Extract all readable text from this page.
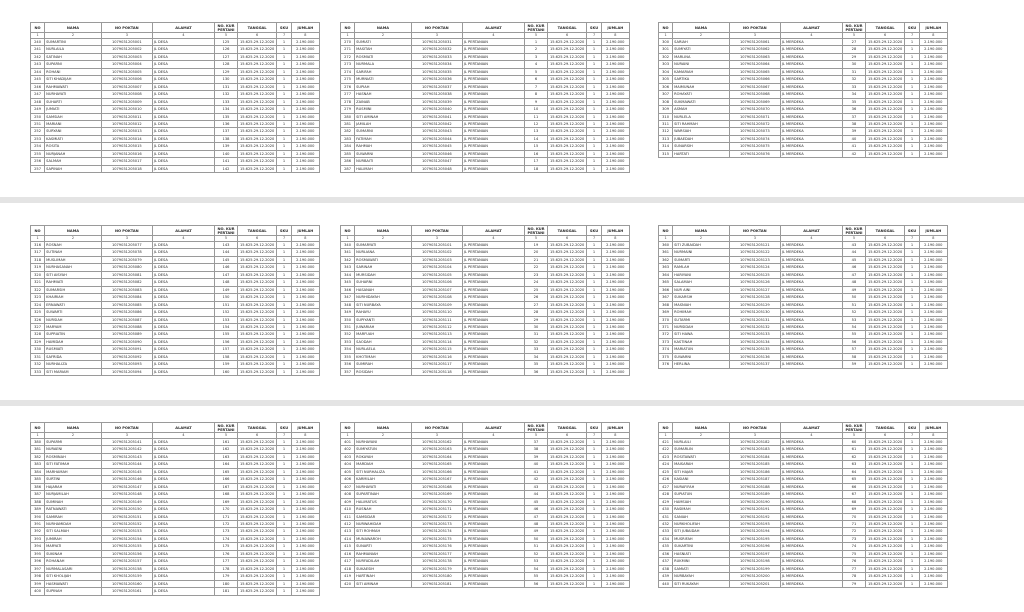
NO	NAMA	NO POKTAN	ALAMAT	NO. KUR PERTANI	TANGGAL	SKU	JUMLAH
1	2	3	4	5	6	7	8
240	SUMARTINI	1079031205001	JL DESA	125	15.625.29.12.2020	1	2.190.000
241	NURLAILA	1079031205002	JL DESA	126	15.625.29.12.2020	1	2.190.000
242	SATINAH	1079031205003	JL DESA	127	15.625.29.12.2020	1	2.190.000
243	SUPARNI	1079031205004	JL DESA	128	15.625.29.12.2020	1	2.190.000
244	ROHANI	1079031205005	JL DESA	129	15.625.29.12.2020	1	2.190.000
245	SITI KHADIJAH	1079031205006	JL DESA	130	15.625.29.12.2020	1	2.190.000
246	RAHMAWATI	1079031205007	JL DESA	131	15.625.29.12.2020	1	2.190.000
247	NURHAYATI	1079031205008	JL DESA	132	15.625.29.12.2020	1	2.190.000
248	SUHARTI	1079031205009	JL DESA	133	15.625.29.12.2020	1	2.190.000
249	JUMIATI	1079031205010	JL DESA	134	15.625.29.12.2020	1	2.190.000
250	SAMSIAH	1079031205011	JL DESA	135	15.625.29.12.2020	1	2.190.000
251	MARIANI	1079031205012	JL DESA	136	15.625.29.12.2020	1	2.190.000
252	SURYANI	1079031205013	JL DESA	137	15.625.29.12.2020	1	2.190.000
253	KASMIATI	1079031205014	JL DESA	138	15.625.29.12.2020	1	2.190.000
254	ROSITA	1079031205015	JL DESA	139	15.625.29.12.2020	1	2.190.000
255	NURJANAH	1079031205016	JL DESA	140	15.625.29.12.2020	1	2.190.000
256	SALMAH	1079031205017	JL DESA	141	15.625.29.12.2020	1	2.190.000
257	SAPINAH	1079031205018	JL DESA	142	15.625.29.12.2020	1	2.190.000
NO	NAMA	NO POKTAN	ALAMAT	NO. KUR PERTANI	TANGGAL	SKU	JUMLAH
1	2	3	4	5	6	7	8
270	SUMIATI	1079031205031	JL PERTANIAN	1	15.625.29.12.2020	1	2.190.000
271	MASITAH	1079031205032	JL PERTANIAN	2	15.625.29.12.2020	1	2.190.000
272	ROSMIATI	1079031205033	JL PERTANIAN	3	15.625.29.12.2020	1	2.190.000
273	NURMALA	1079031205034	JL PERTANIAN	4	15.625.29.12.2020	1	2.190.000
274	SARIFAH	1079031205035	JL PERTANIAN	5	15.625.29.12.2020	1	2.190.000
275	MURNIATI	1079031205036	JL PERTANIAN	6	15.625.29.12.2020	1	2.190.000
276	SUPIAH	1079031205037	JL PERTANIAN	7	15.625.29.12.2020	1	2.190.000
277	HASNAH	1079031205038	JL PERTANIAN	8	15.625.29.12.2020	1	2.190.000
278	ZAINAB	1079031205039	JL PERTANIAN	9	15.625.29.12.2020	1	2.190.000
279	RUSMINI	1079031205040	JL PERTANIAN	10	15.625.29.12.2020	1	2.190.000
280	SITI AMINAH	1079031205041	JL PERTANIAN	11	15.625.29.12.2020	1	2.190.000
281	JAMILAH	1079031205042	JL PERTANIAN	12	15.625.29.12.2020	1	2.190.000
282	SUMARNI	1079031205043	JL PERTANIAN	13	15.625.29.12.2020	1	2.190.000
283	FATIMAH	1079031205044	JL PERTANIAN	14	15.625.29.12.2020	1	2.190.000
284	RAHMAH	1079031205045	JL PERTANIAN	15	15.625.29.12.2020	1	2.190.000
285	SUWARNI	1079031205046	JL PERTANIAN	16	15.625.29.12.2020	1	2.190.000
286	NURBAITI	1079031205047	JL PERTANIAN	17	15.625.29.12.2020	1	2.190.000
287	HALIMAH	1079031205048	JL PERTANIAN	18	15.625.29.12.2020	1	2.190.000
NO	NAMA	NO POKTAN	ALAMAT	NO. KUR PERTANI	TANGGAL	SKU	JUMLAH
1	2	3	4	5	6	7	8
300	SARIAH	1079031205061	JL MERDEKA	27	15.625.29.12.2020	1	2.190.000
301	SUMIYATI	1079031205062	JL MERDEKA	28	15.625.29.12.2020	1	2.190.000
302	MARLINA	1079031205063	JL MERDEKA	29	15.625.29.12.2020	1	2.190.000
303	NURAINI	1079031205064	JL MERDEKA	30	15.625.29.12.2020	1	2.190.000
304	KAMARIAH	1079031205065	JL MERDEKA	31	15.625.29.12.2020	1	2.190.000
305	SARTIKA	1079031205066	JL MERDEKA	32	15.625.29.12.2020	1	2.190.000
306	MAIMUNAH	1079031205067	JL MERDEKA	33	15.625.29.12.2020	1	2.190.000
307	ROHAYATI	1079031205068	JL MERDEKA	34	15.625.29.12.2020	1	2.190.000
308	SUKMAWATI	1079031205069	JL MERDEKA	35	15.625.29.12.2020	1	2.190.000
309	ASMAH	1079031205070	JL MERDEKA	36	15.625.29.12.2020	1	2.190.000
310	NURLELA	1079031205071	JL MERDEKA	37	15.625.29.12.2020	1	2.190.000
311	SITI RAHMAH	1079031205072	JL MERDEKA	38	15.625.29.12.2020	1	2.190.000
312	WARSIAH	1079031205073	JL MERDEKA	39	15.625.29.12.2020	1	2.190.000
313	JUBAEDAH	1079031205074	JL MERDEKA	40	15.625.29.12.2020	1	2.190.000
314	SUNARSIH	1079031205075	JL MERDEKA	41	15.625.29.12.2020	1	2.190.000
315	HARTATI	1079031205076	JL MERDEKA	42	15.625.29.12.2020	1	2.190.000
NO	NAMA	NO POKTAN	ALAMAT	NO. KUR PERTANI	TANGGAL	SKU	JUMLAH
1	2	3	4	5	6	7	8
316	ROSNAH	1079031205077	JL DESA	143	15.625.29.12.2020	1	2.190.000
317	SUTINAH	1079031205078	JL DESA	144	15.625.29.12.2020	1	2.190.000
318	MUSLIMAH	1079031205079	JL DESA	145	15.625.29.12.2020	1	2.190.000
319	NURHASANAH	1079031205080	JL DESA	146	15.625.29.12.2020	1	2.190.000
320	SITI AISYAH	1079031205081	JL DESA	147	15.625.29.12.2020	1	2.190.000
321	RAHMIATI	1079031205082	JL DESA	148	15.625.29.12.2020	1	2.190.000
322	SUMARSIH	1079031205083	JL DESA	149	15.625.29.12.2020	1	2.190.000
323	KHAIRIAH	1079031205084	JL DESA	150	15.625.29.12.2020	1	2.190.000
324	ERNAWATI	1079031205085	JL DESA	151	15.625.29.12.2020	1	2.190.000
325	SUWARTI	1079031205086	JL DESA	152	15.625.29.12.2020	1	2.190.000
326	NURSIAH	1079031205087	JL DESA	153	15.625.29.12.2020	1	2.190.000
327	MARYAM	1079031205088	JL DESA	154	15.625.29.12.2020	1	2.190.000
328	SUPRIATIN	1079031205089	JL DESA	155	15.625.29.12.2020	1	2.190.000
329	HAMIDAH	1079031205090	JL DESA	156	15.625.29.12.2020	1	2.190.000
330	RUSMIATI	1079031205091	JL DESA	157	15.625.29.12.2020	1	2.190.000
331	SAFRIDA	1079031205092	JL DESA	158	15.625.29.12.2020	1	2.190.000
332	NURHALIZA	1079031205093	JL DESA	159	15.625.29.12.2020	1	2.190.000
333	SITI MARIAM	1079031205094	JL DESA	160	15.625.29.12.2020	1	2.190.000
NO	NAMA	NO POKTAN	ALAMAT	NO. KUR PERTANI	TANGGAL	SKU	JUMLAH
1	2	3	4	5	6	7	8
340	SUMARYATI	1079031205101	JL PERTANIAN	19	15.625.29.12.2020	1	2.190.000
341	NURLIANA	1079031205102	JL PERTANIAN	20	15.625.29.12.2020	1	2.190.000
342	ROSMAWATI	1079031205103	JL PERTANIAN	21	15.625.29.12.2020	1	2.190.000
343	SARINAH	1079031205104	JL PERTANIAN	22	15.625.29.12.2020	1	2.190.000
344	MURSIDAH	1079031205105	JL PERTANIAN	23	15.625.29.12.2020	1	2.190.000
345	SUHARNI	1079031205106	JL PERTANIAN	24	15.625.29.12.2020	1	2.190.000
346	HASANAH	1079031205107	JL PERTANIAN	25	15.625.29.12.2020	1	2.190.000
347	NURHIDAYAH	1079031205108	JL PERTANIAN	26	15.625.29.12.2020	1	2.190.000
348	SITI NURBAYA	1079031205109	JL PERTANIAN	27	15.625.29.12.2020	1	2.190.000
349	RAHAYU	1079031205110	JL PERTANIAN	28	15.625.29.12.2020	1	2.190.000
350	SUPIYANTI	1079031205111	JL PERTANIAN	29	15.625.29.12.2020	1	2.190.000
351	JUWARIAH	1079031205112	JL PERTANIAN	30	15.625.29.12.2020	1	2.190.000
352	MARFUAH	1079031205113	JL PERTANIAN	31	15.625.29.12.2020	1	2.190.000
353	SAODAH	1079031205114	JL PERTANIAN	32	15.625.29.12.2020	1	2.190.000
354	NURLAELA	1079031205115	JL PERTANIAN	33	15.625.29.12.2020	1	2.190.000
355	KHOTIMAH	1079031205116	JL PERTANIAN	34	15.625.29.12.2020	1	2.190.000
356	SUMIRAH	1079031205117	JL PERTANIAN	35	15.625.29.12.2020	1	2.190.000
357	ROSIDAH	1079031205118	JL PERTANIAN	36	15.625.29.12.2020	1	2.190.000
NO	NAMA	NO POKTAN	ALAMAT	NO. KUR PERTANI	TANGGAL	SKU	JUMLAH
1	2	3	4	5	6	7	8
360	SITI ZUBAIDAH	1079031205121	JL MERDEKA	43	15.625.29.12.2020	1	2.190.000
361	NURMAINI	1079031205122	JL MERDEKA	44	15.625.29.12.2020	1	2.190.000
362	SUMARTI	1079031205123	JL MERDEKA	45	15.625.29.12.2020	1	2.190.000
363	RAMLAH	1079031205124	JL MERDEKA	46	15.625.29.12.2020	1	2.190.000
364	HARIYANI	1079031205125	JL MERDEKA	47	15.625.29.12.2020	1	2.190.000
365	SALAMAH	1079031205126	JL MERDEKA	48	15.625.29.12.2020	1	2.190.000
366	NUR AINI	1079031205127	JL MERDEKA	49	15.625.29.12.2020	1	2.190.000
367	SUKARSIH	1079031205128	JL MERDEKA	50	15.625.29.12.2020	1	2.190.000
368	MASNIAH	1079031205129	JL MERDEKA	51	15.625.29.12.2020	1	2.190.000
369	ROHIMAH	1079031205130	JL MERDEKA	52	15.625.29.12.2020	1	2.190.000
370	SUTARMI	1079031205131	JL MERDEKA	53	15.625.29.12.2020	1	2.190.000
371	NURSIDAH	1079031205132	JL MERDEKA	54	15.625.29.12.2020	1	2.190.000
372	SITI HAWA	1079031205133	JL MERDEKA	55	15.625.29.12.2020	1	2.190.000
373	KASTINAH	1079031205134	JL MERDEKA	56	15.625.29.12.2020	1	2.190.000
374	MARIATUN	1079031205135	JL MERDEKA	57	15.625.29.12.2020	1	2.190.000
375	SUWARNI	1079031205136	JL MERDEKA	58	15.625.29.12.2020	1	2.190.000
376	HERLINA	1079031205137	JL MERDEKA	59	15.625.29.12.2020	1	2.190.000
NO	NAMA	NO POKTAN	ALAMAT	NO. KUR PERTANI	TANGGAL	SKU	JUMLAH
1	2	3	4	5	6	7	8
380	SUPARMI	1079031205141	JL DESA	161	15.625.29.12.2020	1	2.190.000
381	NURAENI	1079031205142	JL DESA	162	15.625.29.12.2020	1	2.190.000
382	ROSMINAH	1079031205143	JL DESA	163	15.625.29.12.2020	1	2.190.000
383	SITI FATIMAH	1079031205144	JL DESA	164	15.625.29.12.2020	1	2.190.000
384	MARHAMAH	1079031205145	JL DESA	165	15.625.29.12.2020	1	2.190.000
385	SURTINI	1079031205146	JL DESA	166	15.625.29.12.2020	1	2.190.000
386	HAJARAH	1079031205147	JL DESA	167	15.625.29.12.2020	1	2.190.000
387	NURJAMILAH	1079031205148	JL DESA	168	15.625.29.12.2020	1	2.190.000
388	SUMINAH	1079031205149	JL DESA	169	15.625.29.12.2020	1	2.190.000
389	RATNAWATI	1079031205150	JL DESA	170	15.625.29.12.2020	1	2.190.000
390	SAMIRAH	1079031205151	JL DESA	171	15.625.29.12.2020	1	2.190.000
391	NURHAMIDAH	1079031205152	JL DESA	172	15.625.29.12.2020	1	2.190.000
392	SITI SALMAH	1079031205153	JL DESA	173	15.625.29.12.2020	1	2.190.000
393	JUMIRAH	1079031205154	JL DESA	174	15.625.29.12.2020	1	2.190.000
394	MARYATI	1079031205155	JL DESA	175	15.625.29.12.2020	1	2.190.000
395	SUKINAH	1079031205156	JL DESA	176	15.625.29.12.2020	1	2.190.000
396	ROHANAH	1079031205157	JL DESA	177	15.625.29.12.2020	1	2.190.000
397	NURMALASARI	1079031205158	JL DESA	178	15.625.29.12.2020	1	2.190.000
398	SITI KHOLIJAH	1079031205159	JL DESA	179	15.625.29.12.2020	1	2.190.000
399	HASMAWATI	1079031205160	JL DESA	180	15.625.29.12.2020	1	2.190.000
400	SUPINAH	1079031205161	JL DESA	181	15.625.29.12.2020	1	2.190.000
NO	NAMA	NO POKTAN	ALAMAT	NO. KUR PERTANI	TANGGAL	SKU	JUMLAH
1	2	3	4	5	6	7	8
401	NURHAYANI	1079031205162	JL PERTANIAN	37	15.625.29.12.2020	1	2.190.000
402	SUMIYATUN	1079031205163	JL PERTANIAN	38	15.625.29.12.2020	1	2.190.000
403	ROKAYAH	1079031205164	JL PERTANIAN	39	15.625.29.12.2020	1	2.190.000
404	MARDIAH	1079031205165	JL PERTANIAN	40	15.625.29.12.2020	1	2.190.000
405	SITI NURHALIZA	1079031205166	JL PERTANIAN	41	15.625.29.12.2020	1	2.190.000
406	KARMILAH	1079031205167	JL PERTANIAN	42	15.625.29.12.2020	1	2.190.000
407	NURHAYATI	1079031205168	JL PERTANIAN	43	15.625.29.12.2020	1	2.190.000
408	SUPARTINAH	1079031205169	JL PERTANIAN	44	15.625.29.12.2020	1	2.190.000
409	HALIMATUS	1079031205170	JL PERTANIAN	45	15.625.29.12.2020	1	2.190.000
410	RUSNAH	1079031205171	JL PERTANIAN	46	15.625.29.12.2020	1	2.190.000
411	SAMSIDAR	1079031205172	JL PERTANIAN	47	15.625.29.12.2020	1	2.190.000
412	NURWAHIDAH	1079031205173	JL PERTANIAN	48	15.625.29.12.2020	1	2.190.000
413	SITI ROHMAH	1079031205174	JL PERTANIAN	49	15.625.29.12.2020	1	2.190.000
414	MUNAWAROH	1079031205175	JL PERTANIAN	50	15.625.29.12.2020	1	2.190.000
415	SUNARTI	1079031205176	JL PERTANIAN	51	15.625.29.12.2020	1	2.190.000
416	RAHMANIAH	1079031205177	JL PERTANIAN	52	15.625.29.12.2020	1	2.190.000
417	NURFADILAH	1079031205178	JL PERTANIAN	53	15.625.29.12.2020	1	2.190.000
418	SUKAESIH	1079031205179	JL PERTANIAN	54	15.625.29.12.2020	1	2.190.000
419	HARTINAH	1079031205180	JL PERTANIAN	55	15.625.29.12.2020	1	2.190.000
420	SITI AMINAH	1079031205181	JL PERTANIAN	56	15.625.29.12.2020	1	2.190.000
NO	NAMA	NO POKTAN	ALAMAT	NO. KUR PERTANI	TANGGAL	SKU	JUMLAH
1	2	3	4	5	6	7	8
421	NURLAILI	1079031205182	JL MERDEKA	60	15.625.29.12.2020	1	2.190.000
422	SUMARLIN	1079031205183	JL MERDEKA	61	15.625.29.12.2020	1	2.190.000
423	ROSITAWATI	1079031205184	JL MERDEKA	62	15.625.29.12.2020	1	2.190.000
424	MAISARAH	1079031205185	JL MERDEKA	63	15.625.29.12.2020	1	2.190.000
425	SITI HAJAR	1079031205186	JL MERDEKA	64	15.625.29.12.2020	1	2.190.000
426	KASIANI	1079031205187	JL MERDEKA	65	15.625.29.12.2020	1	2.190.000
427	NURAFIFAH	1079031205188	JL MERDEKA	66	15.625.29.12.2020	1	2.190.000
428	SUPIATUN	1079031205189	JL MERDEKA	67	15.625.29.12.2020	1	2.190.000
429	HAMSIAH	1079031205190	JL MERDEKA	68	15.625.29.12.2020	1	2.190.000
430	RASIMAH	1079031205191	JL MERDEKA	69	15.625.29.12.2020	1	2.190.000
431	SANIAH	1079031205192	JL MERDEKA	70	15.625.29.12.2020	1	2.190.000
432	NURKHOLIFAH	1079031205193	JL MERDEKA	71	15.625.29.12.2020	1	2.190.000
433	SITI JUBAIDAH	1079031205194	JL MERDEKA	72	15.625.29.12.2020	1	2.190.000
434	MUSRIFAH	1079031205195	JL MERDEKA	73	15.625.29.12.2020	1	2.190.000
435	SUKARTINI	1079031205196	JL MERDEKA	74	15.625.29.12.2020	1	2.190.000
436	HASNIATI	1079031205197	JL MERDEKA	75	15.625.29.12.2020	1	2.190.000
437	RUKMINI	1079031205198	JL MERDEKA	76	15.625.29.12.2020	1	2.190.000
438	SAMIATI	1079031205199	JL MERDEKA	77	15.625.29.12.2020	1	2.190.000
439	NURBAYAH	1079031205200	JL MERDEKA	78	15.625.29.12.2020	1	2.190.000
440	SITI RUKAYAH	1079031205201	JL MERDEKA	79	15.625.29.12.2020	1	2.190.000
